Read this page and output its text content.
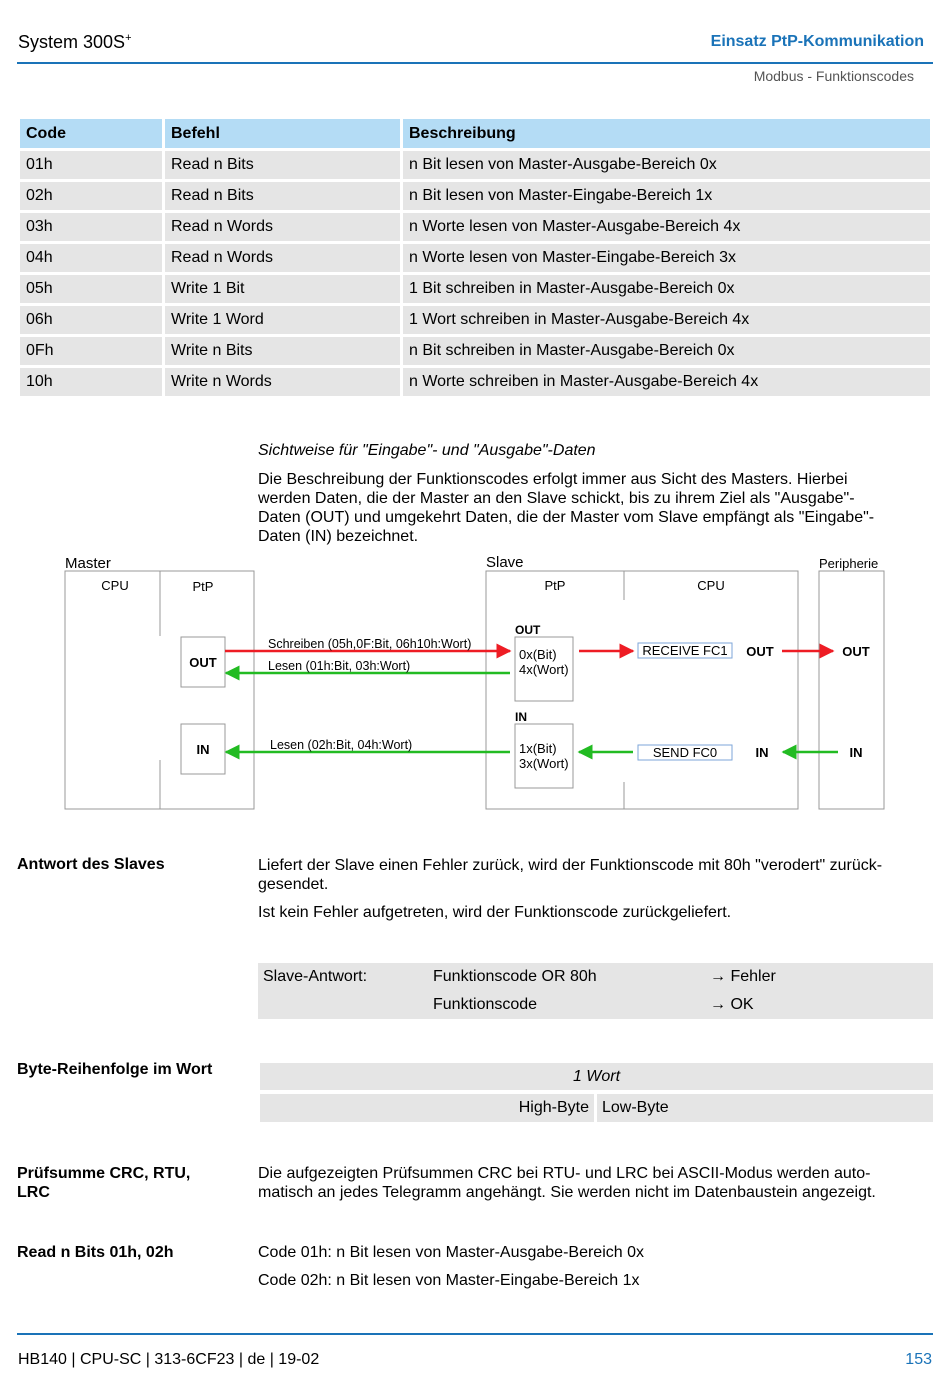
System 300S+	Einsatz PtP-Kommunikation
Modbus - Funktionscodes
Code	Befehl	Beschreibung
01h	Read n Bits	n Bit lesen von Master-Ausgabe-Bereich 0x
02h	Read n Bits	n Bit lesen von Master-Eingabe-Bereich 1x
03h	Read n Words	n Worte lesen von Master-Ausgabe-Bereich 4x
04h	Read n Words	n Worte lesen von Master-Eingabe-Bereich 3x
05h	Write 1 Bit	1 Bit schreiben in Master-Ausgabe-Bereich 0x
06h	Write 1 Word	1 Wort schreiben in Master-Ausgabe-Bereich 4x
0Fh	Write n Bits	n Bit schreiben in Master-Ausgabe-Bereich 0x
10h	Write n Words	n Worte schreiben in Master-Ausgabe-Bereich 4x
Sichtweise für "Eingabe"- und "Ausgabe"-Daten
Die Beschreibung der Funktionscodes erfolgt immer aus Sicht des Masters. Hierbei
werden Daten, die der Master an den Slave schickt, bis zu ihrem Ziel als "Ausgabe"-
Daten (OUT) und umgekehrt Daten, die der Master vom Slave empfängt als "Eingabe"-
Daten (IN) bezeichnet.
Master
CPU	PtP
OUT
IN
Slave
PtP	CPU
OUT
0x(Bit)
4x(Wort)
IN
1x(Bit)
3x(Wort)
RECEIVE FC1 OUT
SEND FC0	IN
Peripherie
OUT
IN
Schreiben (05h,0F:Bit, 06h10h:Wort)
Lesen (01h:Bit, 03h:Wort)
Lesen (02h:Bit, 04h:Wort)
Antwort des Slaves	Liefert der Slave einen Fehler zurück, wird der Funktionscode mit 80h "verodert" zurück-
gesendet.
Ist kein Fehler aufgetreten, wird der Funktionscode zurückgeliefert.
Slave-Antwort:	Funktionscode OR 80h	→ Fehler
Funktionscode	→ OK
Byte-Reihenfolge im Wort	1 Wort
High-Byte Low-Byte
Prüfsumme CRC, RTU,
LRC
Die aufgezeigten Prüfsummen CRC bei RTU- und LRC bei ASCII-Modus werden auto-
matisch an jedes Telegramm angehängt. Sie werden nicht im Datenbaustein angezeigt.
Read n Bits 01h, 02h	Code 01h: n Bit lesen von Master-Ausgabe-Bereich 0x
Code 02h: n Bit lesen von Master-Eingabe-Bereich 1x
HB140 | CPU-SC | 313-6CF23 | de | 19-02	153
